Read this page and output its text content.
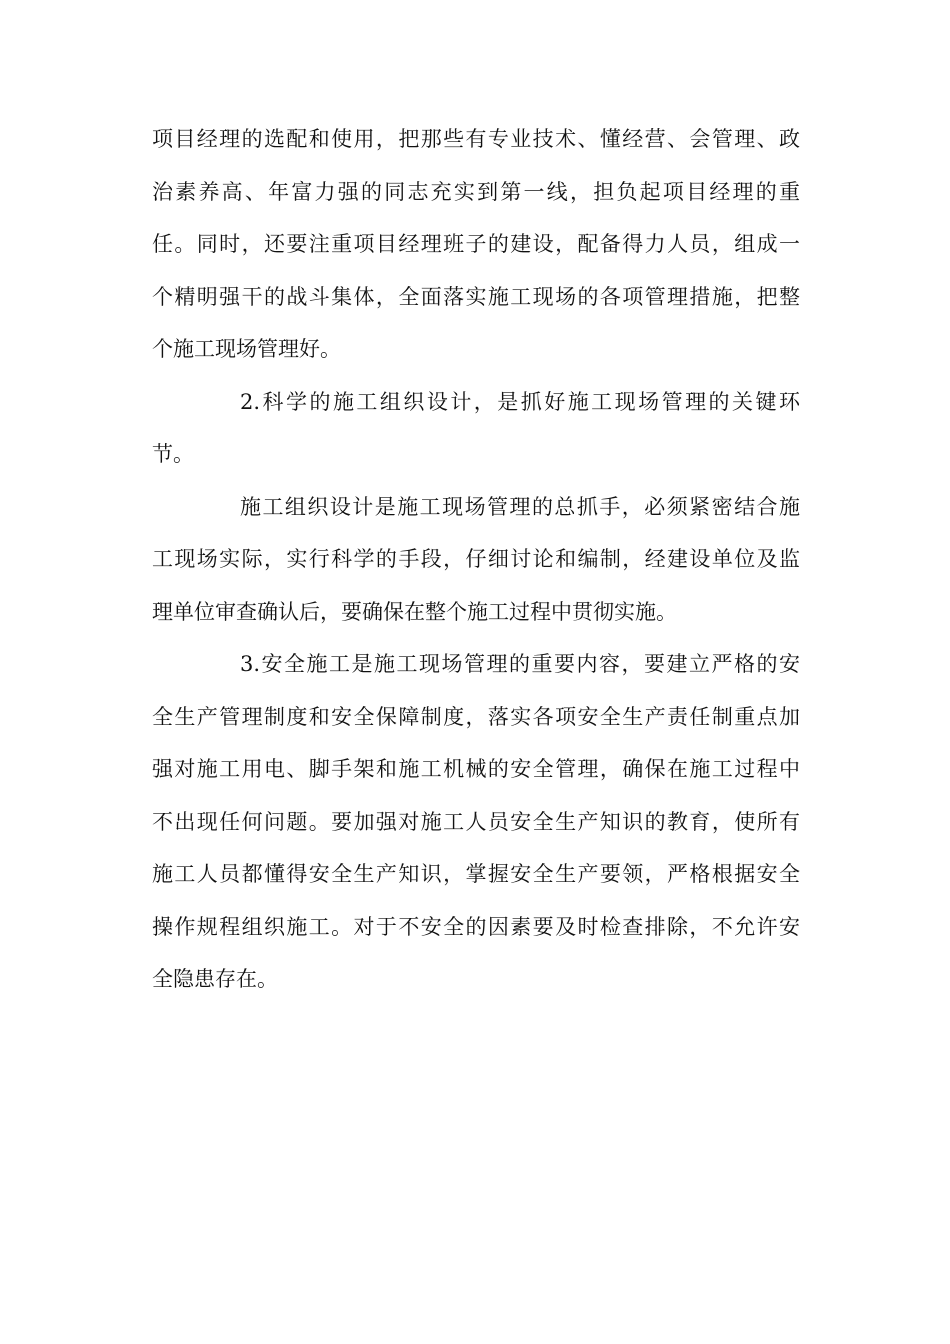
项目经理的选配和使用，把那些有专业技术、懂经营、会管理、政
治素养高、年富力强的同志充实到第一线，担负起项目经理的重
任。同时，还要注重项目经理班子的建设，配备得力人员，组成一
个精明强干的战斗集体，全面落实施工现场的各项管理措施，把整
个施工现场管理好。
2.科学的施工组织设计，是抓好施工现场管理的关键环
节。
施工组织设计是施工现场管理的总抓手，必须紧密结合施
工现场实际，实行科学的手段，仔细讨论和编制，经建设单位及监
理单位审查确认后，要确保在整个施工过程中贯彻实施。
3.安全施工是施工现场管理的重要内容，要建立严格的安
全生产管理制度和安全保障制度，落实各项安全生产责任制重点加
强对施工用电、脚手架和施工机械的安全管理，确保在施工过程中
不出现任何问题。要加强对施工人员安全生产知识的教育，使所有
施工人员都懂得安全生产知识，掌握安全生产要领，严格根据安全
操作规程组织施工。对于不安全的因素要及时检查排除，不允许安
全隐患存在。
